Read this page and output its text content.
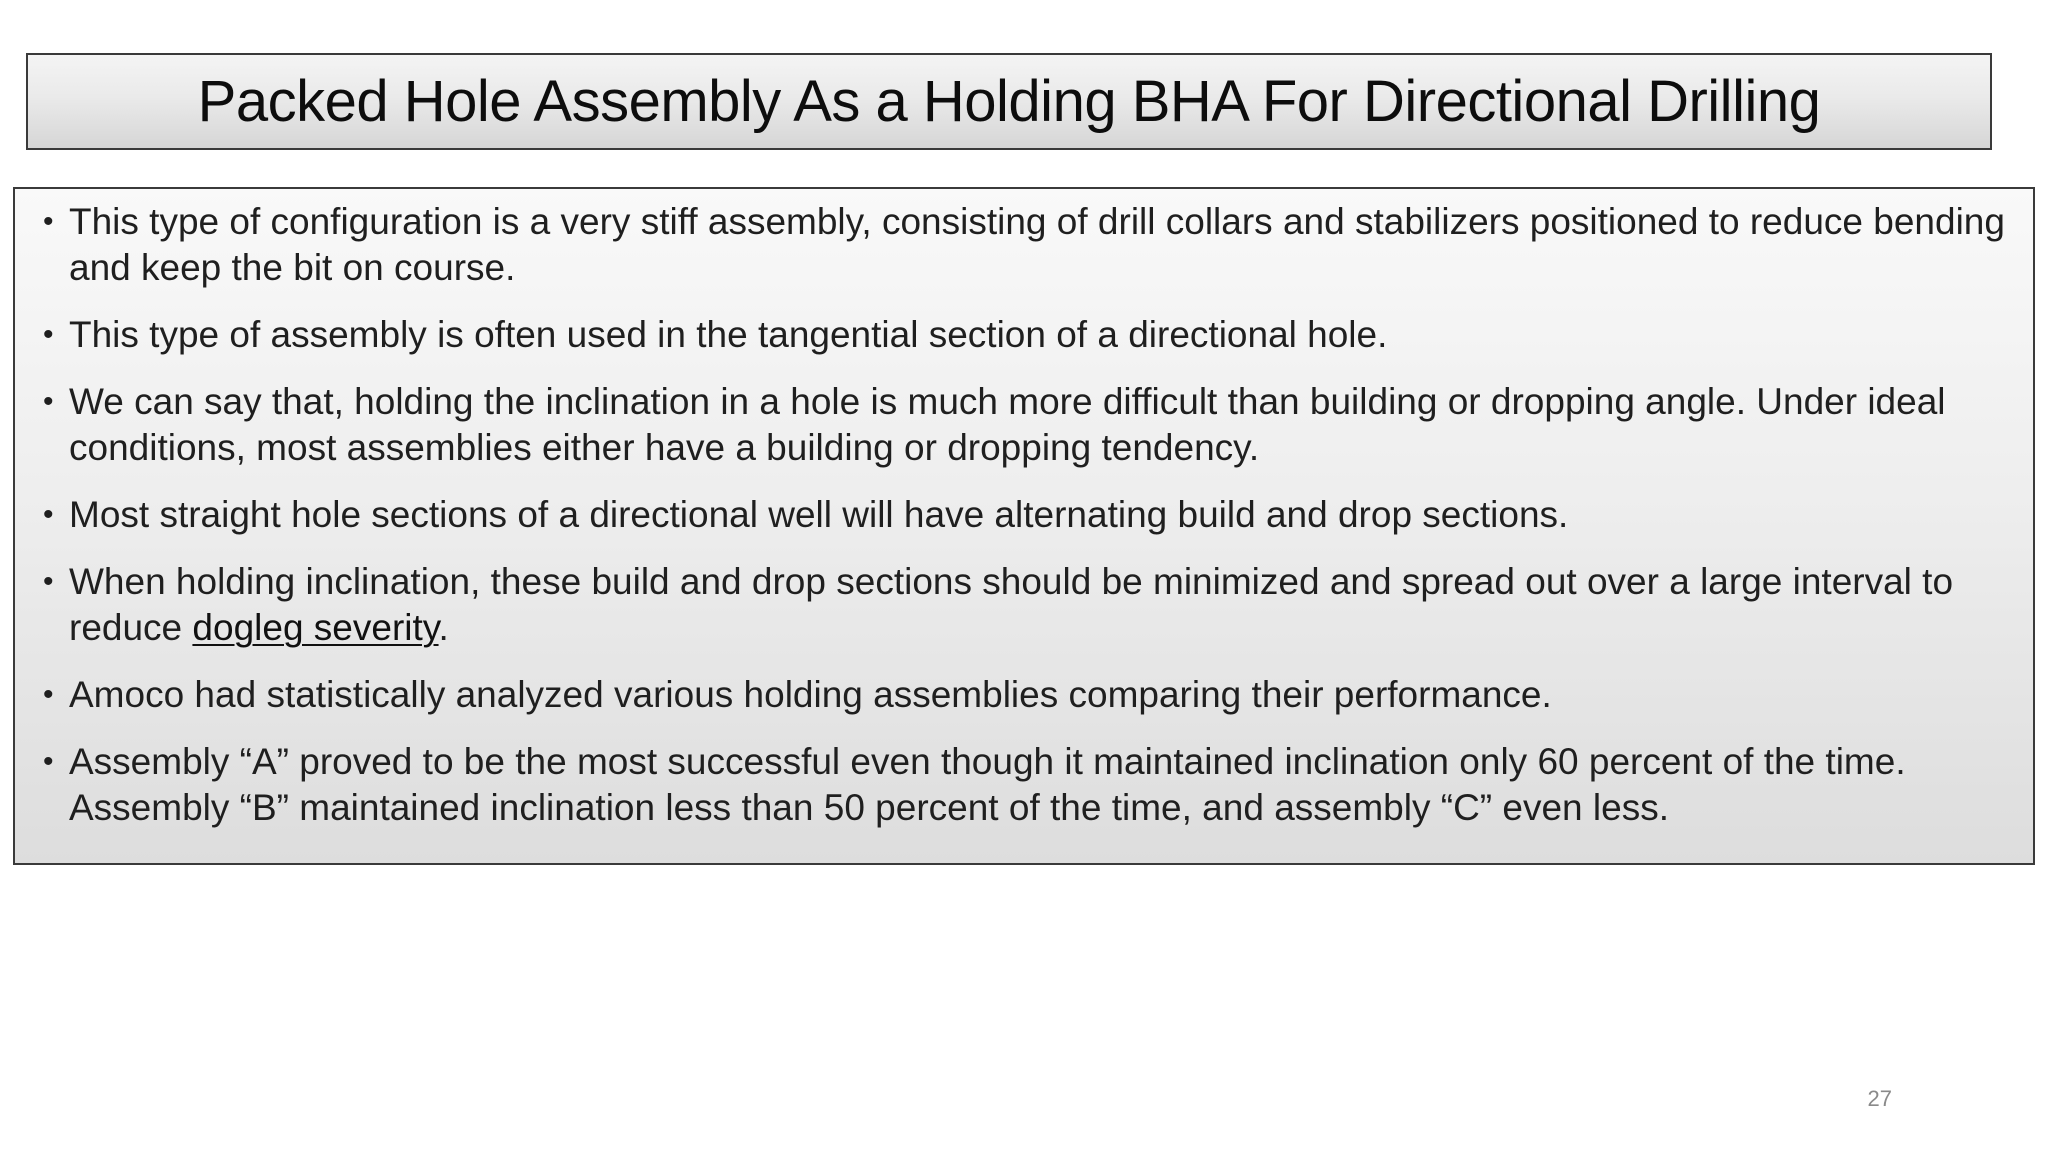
Packed Hole Assembly As a Holding BHA For Directional Drilling
• This type of configuration is a very stiff assembly, consisting of drill collars and stabilizers positioned to reduce bending and keep the bit on course.
• This type of assembly is often used in the tangential section of a directional hole.
• We can say that, holding the inclination in a hole is much more difficult than building or dropping angle. Under ideal conditions, most assemblies either have a building or dropping tendency.
• Most straight hole sections of a directional well will have alternating build and drop sections.
• When holding inclination, these build and drop sections should be minimized and spread out over a large interval to reduce dogleg severity.
• Amoco had statistically analyzed various holding assemblies comparing their performance.
• Assembly “A” proved to be the most successful even though it maintained inclination only 60 percent of the time. Assembly “B” maintained inclination less than 50 percent of the time, and assembly “C” even less.
27
